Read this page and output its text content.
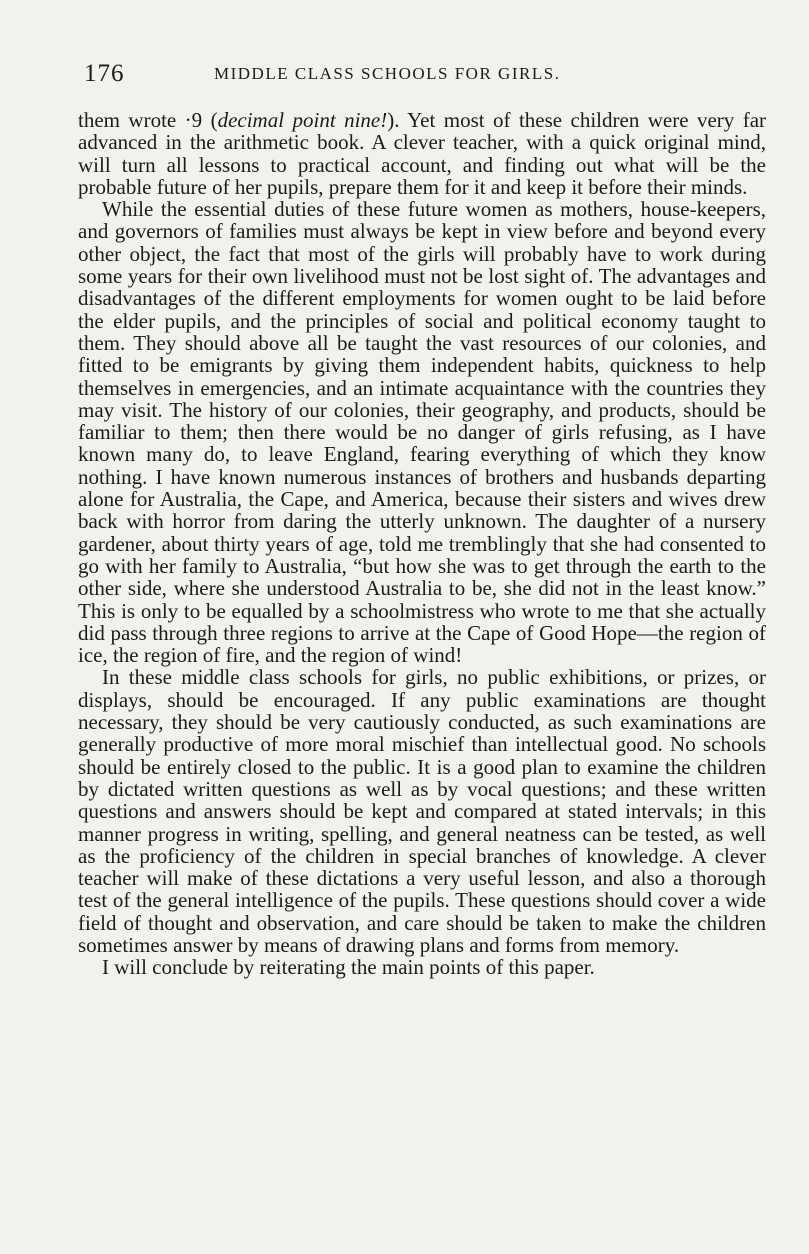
176	MIDDLE CLASS SCHOOLS FOR GIRLS.

them wrote ·9 (decimal point nine!). Yet most of these children were very far advanced in the arithmetic book. A clever teacher, with a quick original mind, will turn all lessons to practical account, and finding out what will be the probable future of her pupils, prepare them for it and keep it before their minds.

While the essential duties of these future women as mothers, house-keepers, and governors of families must always be kept in view before and beyond every other object, the fact that most of the girls will probably have to work during some years for their own livelihood must not be lost sight of. The advantages and disadvantages of the different employments for women ought to be laid before the elder pupils, and the principles of social and political economy taught to them. They should above all be taught the vast resources of our colonies, and fitted to be emigrants by giving them independent habits, quickness to help themselves in emergencies, and an intimate acquaintance with the countries they may visit. The history of our colonies, their geography, and products, should be familiar to them; then there would be no danger of girls refusing, as I have known many do, to leave England, fearing everything of which they know nothing. I have known numerous instances of brothers and husbands departing alone for Australia, the Cape, and America, because their sisters and wives drew back with horror from daring the utterly unknown. The daughter of a nursery gardener, about thirty years of age, told me tremblingly that she had consented to go with her family to Australia, “but how she was to get through the earth to the other side, where she understood Australia to be, she did not in the least know.” This is only to be equalled by a schoolmistress who wrote to me that she actually did pass through three regions to arrive at the Cape of Good Hope—the region of ice, the region of fire, and the region of wind!

In these middle class schools for girls, no public exhibitions, or prizes, or displays, should be encouraged. If any public examinations are thought necessary, they should be very cautiously conducted, as such examinations are generally productive of more moral mischief than intellectual good. No schools should be entirely closed to the public. It is a good plan to examine the children by dictated written questions as well as by vocal questions; and these written questions and answers should be kept and compared at stated intervals; in this manner progress in writing, spelling, and general neatness can be tested, as well as the proficiency of the children in special branches of knowledge. A clever teacher will make of these dictations a very useful lesson, and also a thorough test of the general intelligence of the pupils. These questions should cover a wide field of thought and observation, and care should be taken to make the children sometimes answer by means of drawing plans and forms from memory.

I will conclude by reiterating the main points of this paper.
